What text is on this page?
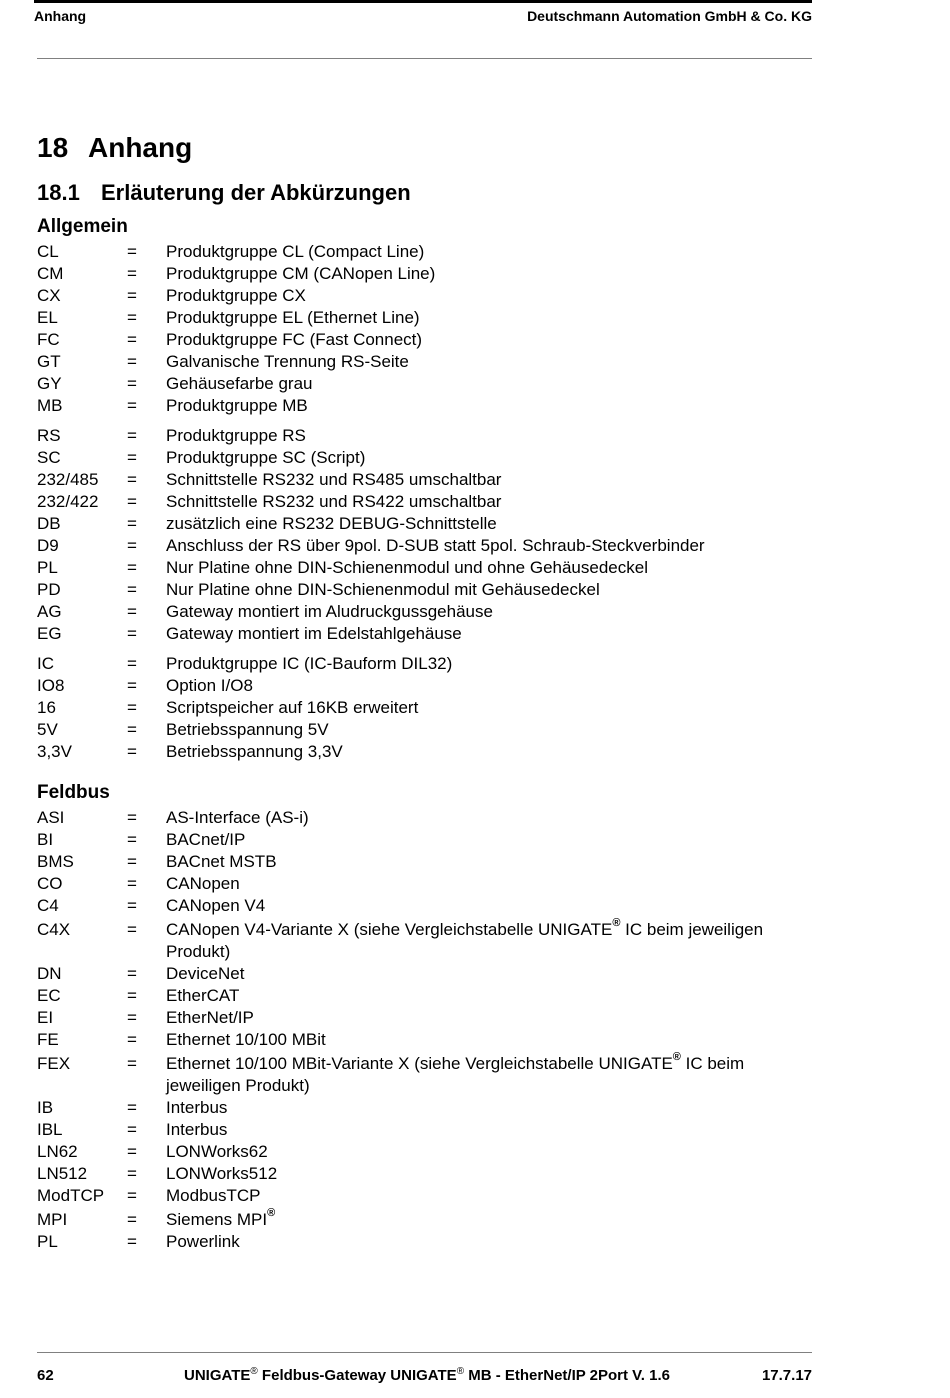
Anhang	Deutschmann Automation GmbH & Co. KG
18 Anhang
18.1 Erläuterung der Abkürzungen
Allgemein
CL	= Produktgruppe CL (Compact Line)
CM	= Produktgruppe CM (CANopen Line)
CX	= Produktgruppe CX
EL	= Produktgruppe EL (Ethernet Line)
FC	= Produktgruppe FC (Fast Connect)
GT	= Galvanische Trennung RS-Seite
GY	= Gehäusefarbe grau
MB	= Produktgruppe MB
RS	= Produktgruppe RS
SC	= Produktgruppe SC (Script)
232/485 = Schnittstelle RS232 und RS485 umschaltbar
232/422 = Schnittstelle RS232 und RS422 umschaltbar
DB	= zusätzlich eine RS232 DEBUG-Schnittstelle
D9	= Anschluss der RS über 9pol. D-SUB statt 5pol. Schraub-Steckverbinder
PL	= Nur Platine ohne DIN-Schienenmodul und ohne Gehäusedeckel
PD	= Nur Platine ohne DIN-Schienenmodul mit Gehäusedeckel
AG	= Gateway montiert im Aludruckgussgehäuse
EG	= Gateway montiert im Edelstahlgehäuse
IC	= Produktgruppe IC (IC-Bauform DIL32)
IO8	= Option I/O8
16	= Scriptspeicher auf 16KB erweitert
5V	= Betriebsspannung 5V
3,3V	= Betriebsspannung 3,3V
Feldbus
ASI	= AS-Interface (AS-i)
BI	= BACnet/IP
BMS	= BACnet MSTB
CO	= CANopen
C4	= CANopen V4
C4X	= CANopen V4-Variante X (siehe Vergleichstabelle UNIGATE® IC beim jeweiligen Produkt)
DN	= DeviceNet
EC	= EtherCAT
EI	= EtherNet/IP
FE	= Ethernet 10/100 MBit
FEX	= Ethernet 10/100 MBit-Variante X (siehe Vergleichstabelle UNIGATE® IC beim jeweiligen Produkt)
IB	= Interbus
IBL	= Interbus
LN62	= LONWorks62
LN512 = LONWorks512
ModTCP = ModbusTCP
MPI	= Siemens MPI®
PL	= Powerlink
62	UNIGATE® Feldbus-Gateway UNIGATE® MB - EtherNet/IP 2Port V. 1.6	17.7.17
